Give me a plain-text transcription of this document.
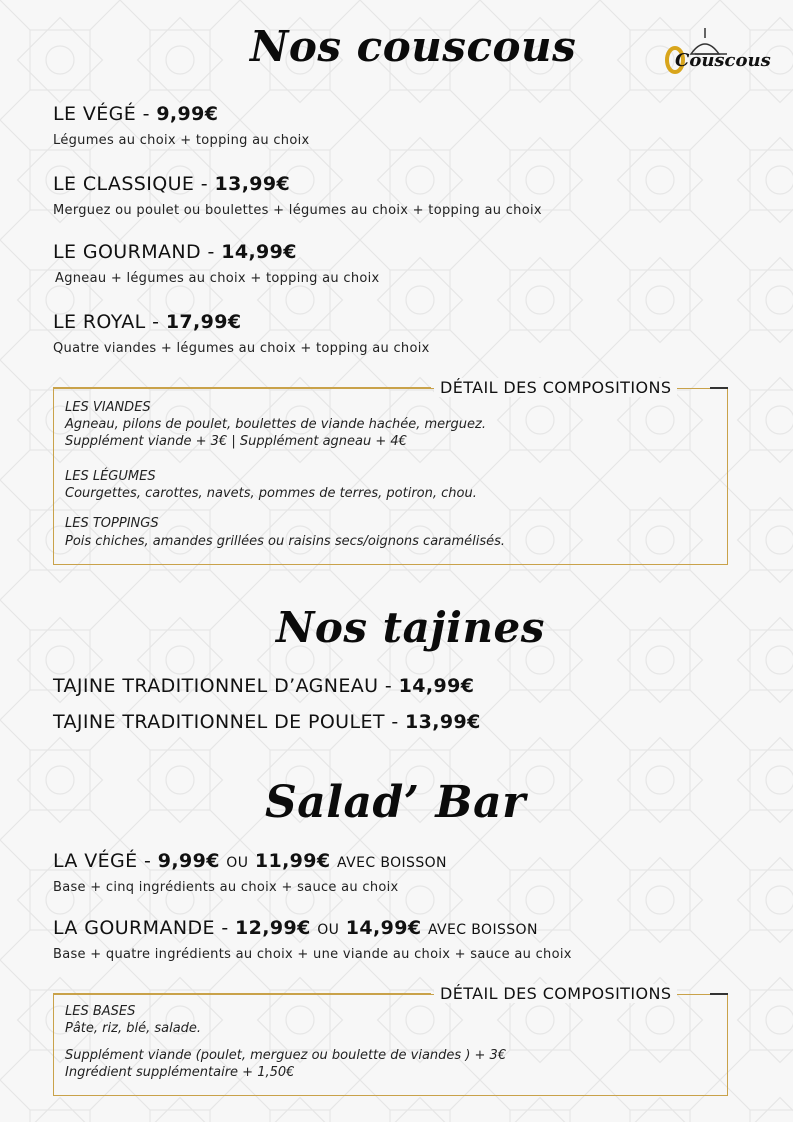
Couscous
Nos couscous
LE VÉGÉ - 9,99€
Légumes au choix + topping au choix
LE CLASSIQUE - 13,99€
Merguez ou poulet ou boulettes + légumes au choix + topping au choix
LE GOURMAND - 14,99€
Agneau + légumes au choix + topping au choix
LE ROYAL - 17,99€
Quatre viandes + légumes au choix + topping au choix
DÉTAIL DES COMPOSITIONS
LES VIANDES
Agneau, pilons de poulet, boulettes de viande hachée, merguez.
Supplément viande + 3€ | Supplément agneau + 4€
LES LÉGUMES
Courgettes, carottes, navets, pommes de terres, potiron, chou.
LES TOPPINGS
Pois chiches, amandes grillées ou raisins secs/oignons caramélisés.
Nos tajines
TAJINE TRADITIONNEL D’AGNEAU - 14,99€
TAJINE TRADITIONNEL DE POULET - 13,99€
Salad’ Bar
LA VÉGÉ - 9,99€ OU 11,99€ AVEC BOISSON
Base + cinq ingrédients au choix + sauce au choix
LA GOURMANDE - 12,99€ OU 14,99€ AVEC BOISSON
Base + quatre ingrédients au choix + une viande au choix + sauce au choix
DÉTAIL DES COMPOSITIONS
LES BASES
Pâte, riz, blé, salade.
Supplément viande (poulet, merguez ou boulette de viandes ) + 3€
Ingrédient supplémentaire + 1,50€
